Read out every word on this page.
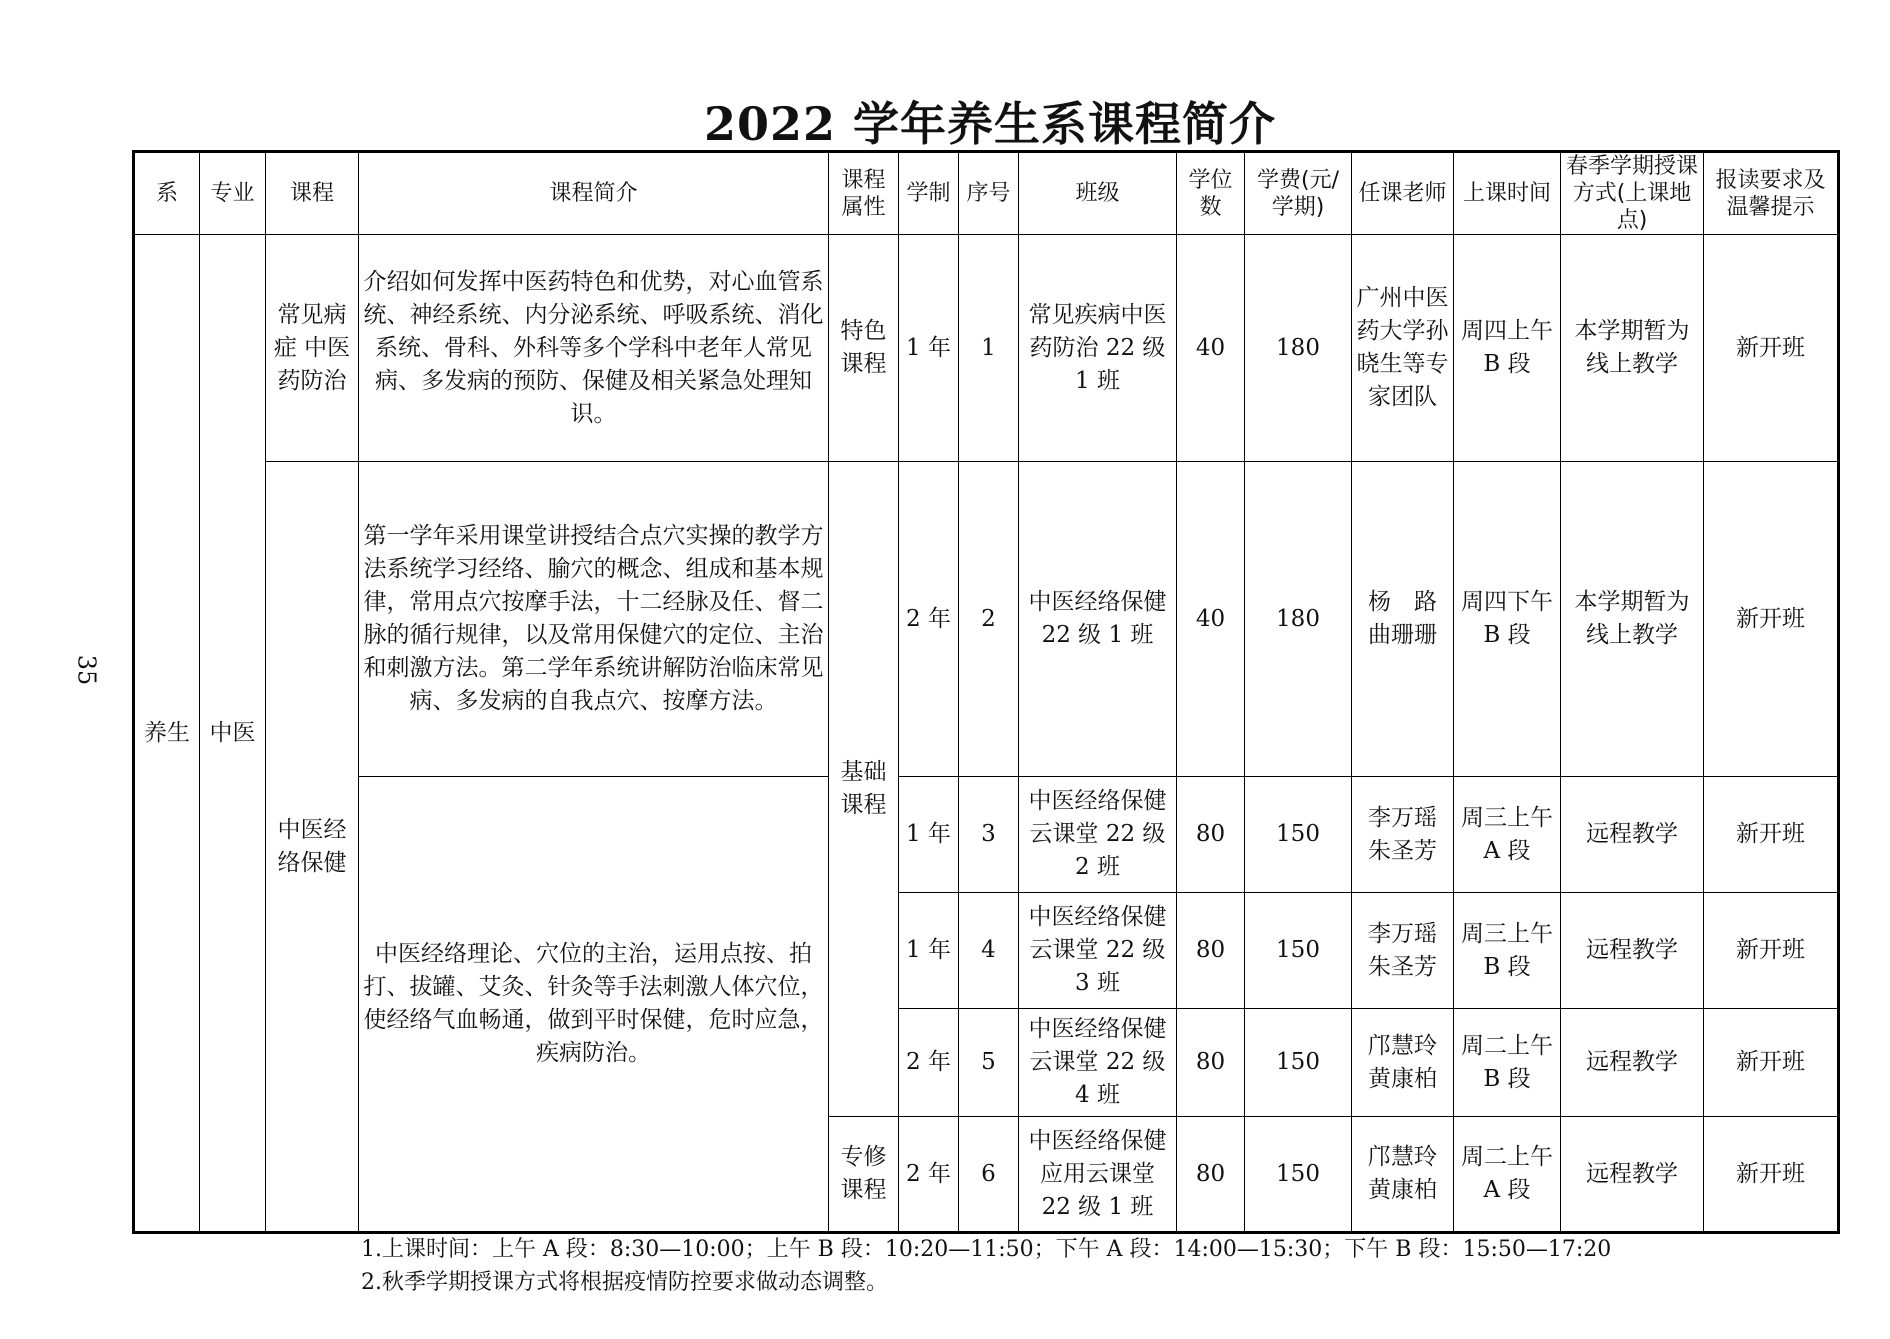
35
2022 学年养生系课程简介
系	专业	课程	课程简介	课程属性	学制	序号	班级	学位数	学费(元/学期)	任课老师	上课时间	春季学期授课方式(上课地点)	报读要求及温馨提示
养生	中医	常见病症 中医药防治	介绍如何发挥中医药特色和优势，对心血管系统、神经系统、内分泌系统、呼吸系统、消化系统、骨科、外科等多个学科中老年人常见病、多发病的预防、保健及相关紧急处理知识。	特色课程	1 年	1	常见疾病中医药防治 22 级 1 班	40	180	广州中医药大学孙晓生等专家团队	周四上午 B 段	本学期暂为线上教学	新开班
		中医经络保健	第一学年采用课堂讲授结合点穴实操的教学方法系统学习经络、腧穴的概念、组成和基本规律，常用点穴按摩手法，十二经脉及任、督二脉的循行规律，以及常用保健穴的定位、主治和刺激方法。第二学年系统讲解防治临床常见病、多发病的自我点穴、按摩方法。	基础课程	2 年	2	中医经络保健 22 级 1 班	40	180	杨　路 曲珊珊	周四下午 B 段	本学期暂为线上教学	新开班
			中医经络理论、穴位的主治，运用点按、拍打、拔罐、艾灸、针灸等手法刺激人体穴位，使经络气血畅通，做到平时保健，危时应急，疾病防治。		1 年	3	中医经络保健云课堂 22 级 2 班	80	150	李万瑶 朱圣芳	周三上午 A 段	远程教学	新开班
					1 年	4	中医经络保健云课堂 22 级 3 班	80	150	李万瑶 朱圣芳	周三上午 B 段	远程教学	新开班
					2 年	5	中医经络保健云课堂 22 级 4 班	80	150	邝慧玲 黄康柏	周二上午 B 段	远程教学	新开班
				专修课程	2 年	6	中医经络保健应用云课堂 22 级 1 班	80	150	邝慧玲 黄康柏	周二上午 A 段	远程教学	新开班
1.上课时间：上午 A 段：8:30—10:00；上午 B 段：10:20—11:50；下午 A 段：14:00—15:30；下午 B 段：15:50—17:20
2.秋季学期授课方式将根据疫情防控要求做动态调整。
